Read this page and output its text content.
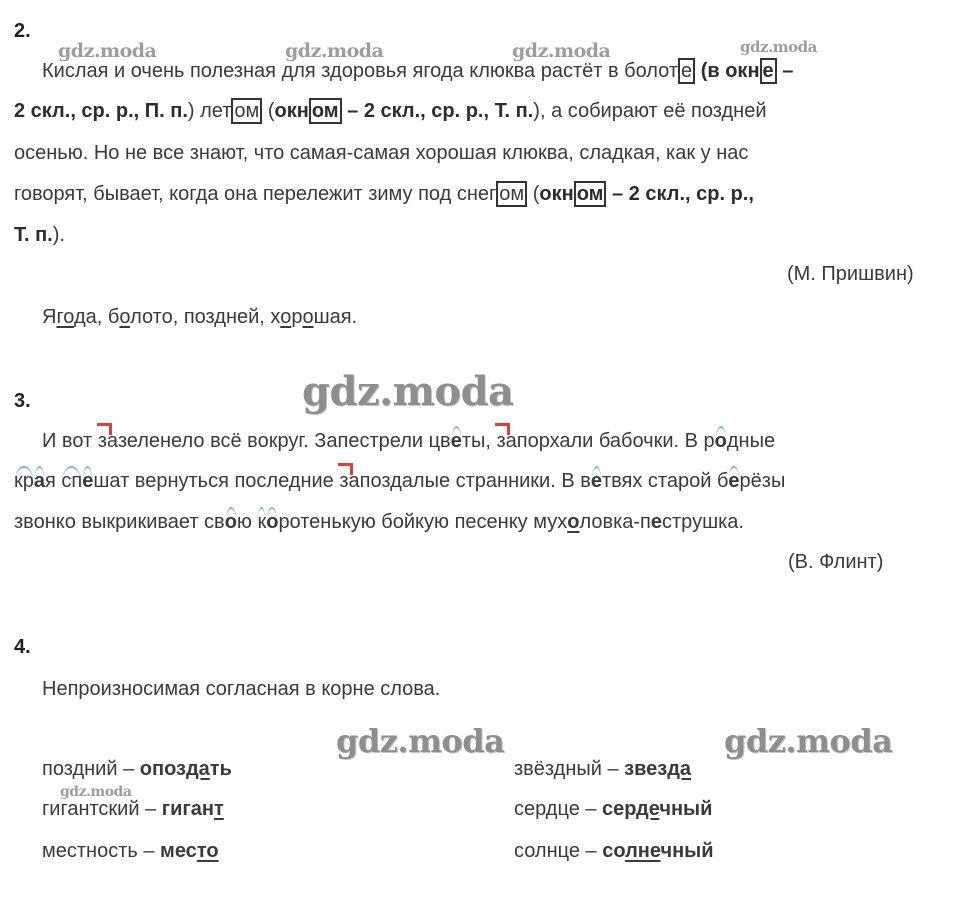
gdz.moda	gdz.moda	gdz.moda	gdz.moda
gdz.moda
gdz.moda	gdz.moda
gdz.moda
2.
Кислая и очень полезная для здоровья ягода клюква растёт в болот е (в окн е –
2 скл., ср. р., П. п.) лет ом (окн ом – 2 скл., ср. р., Т. п.), а собирают её поздней
осенью. Но не все знают, что самая-самая хорошая клюква, сладкая, как у нас
говорят, бывает, когда она перележит зиму под снег ом (окн ом – 2 скл., ср. р.,
Т. п.).
(М. Пришвин)
Ягода, болото, поздней, хорошая.
3.
И вот зазеленело всё вокруг. Запестрели цветы, запорхали бабочки. В родные
края спешат вернуться последние запоздалые странники. В ветвях старой берёзы
звонко выкрикивает свою коротенькую бойкую песенку мухоловка-пеструшка.
(В. Флинт)
4.
Непроизносимая согласная в корне слова.
поздний – опоздать
гигантский – гигант
местность – место
звёздный – звезда
сердце – сердечный
солнце – солнечный
